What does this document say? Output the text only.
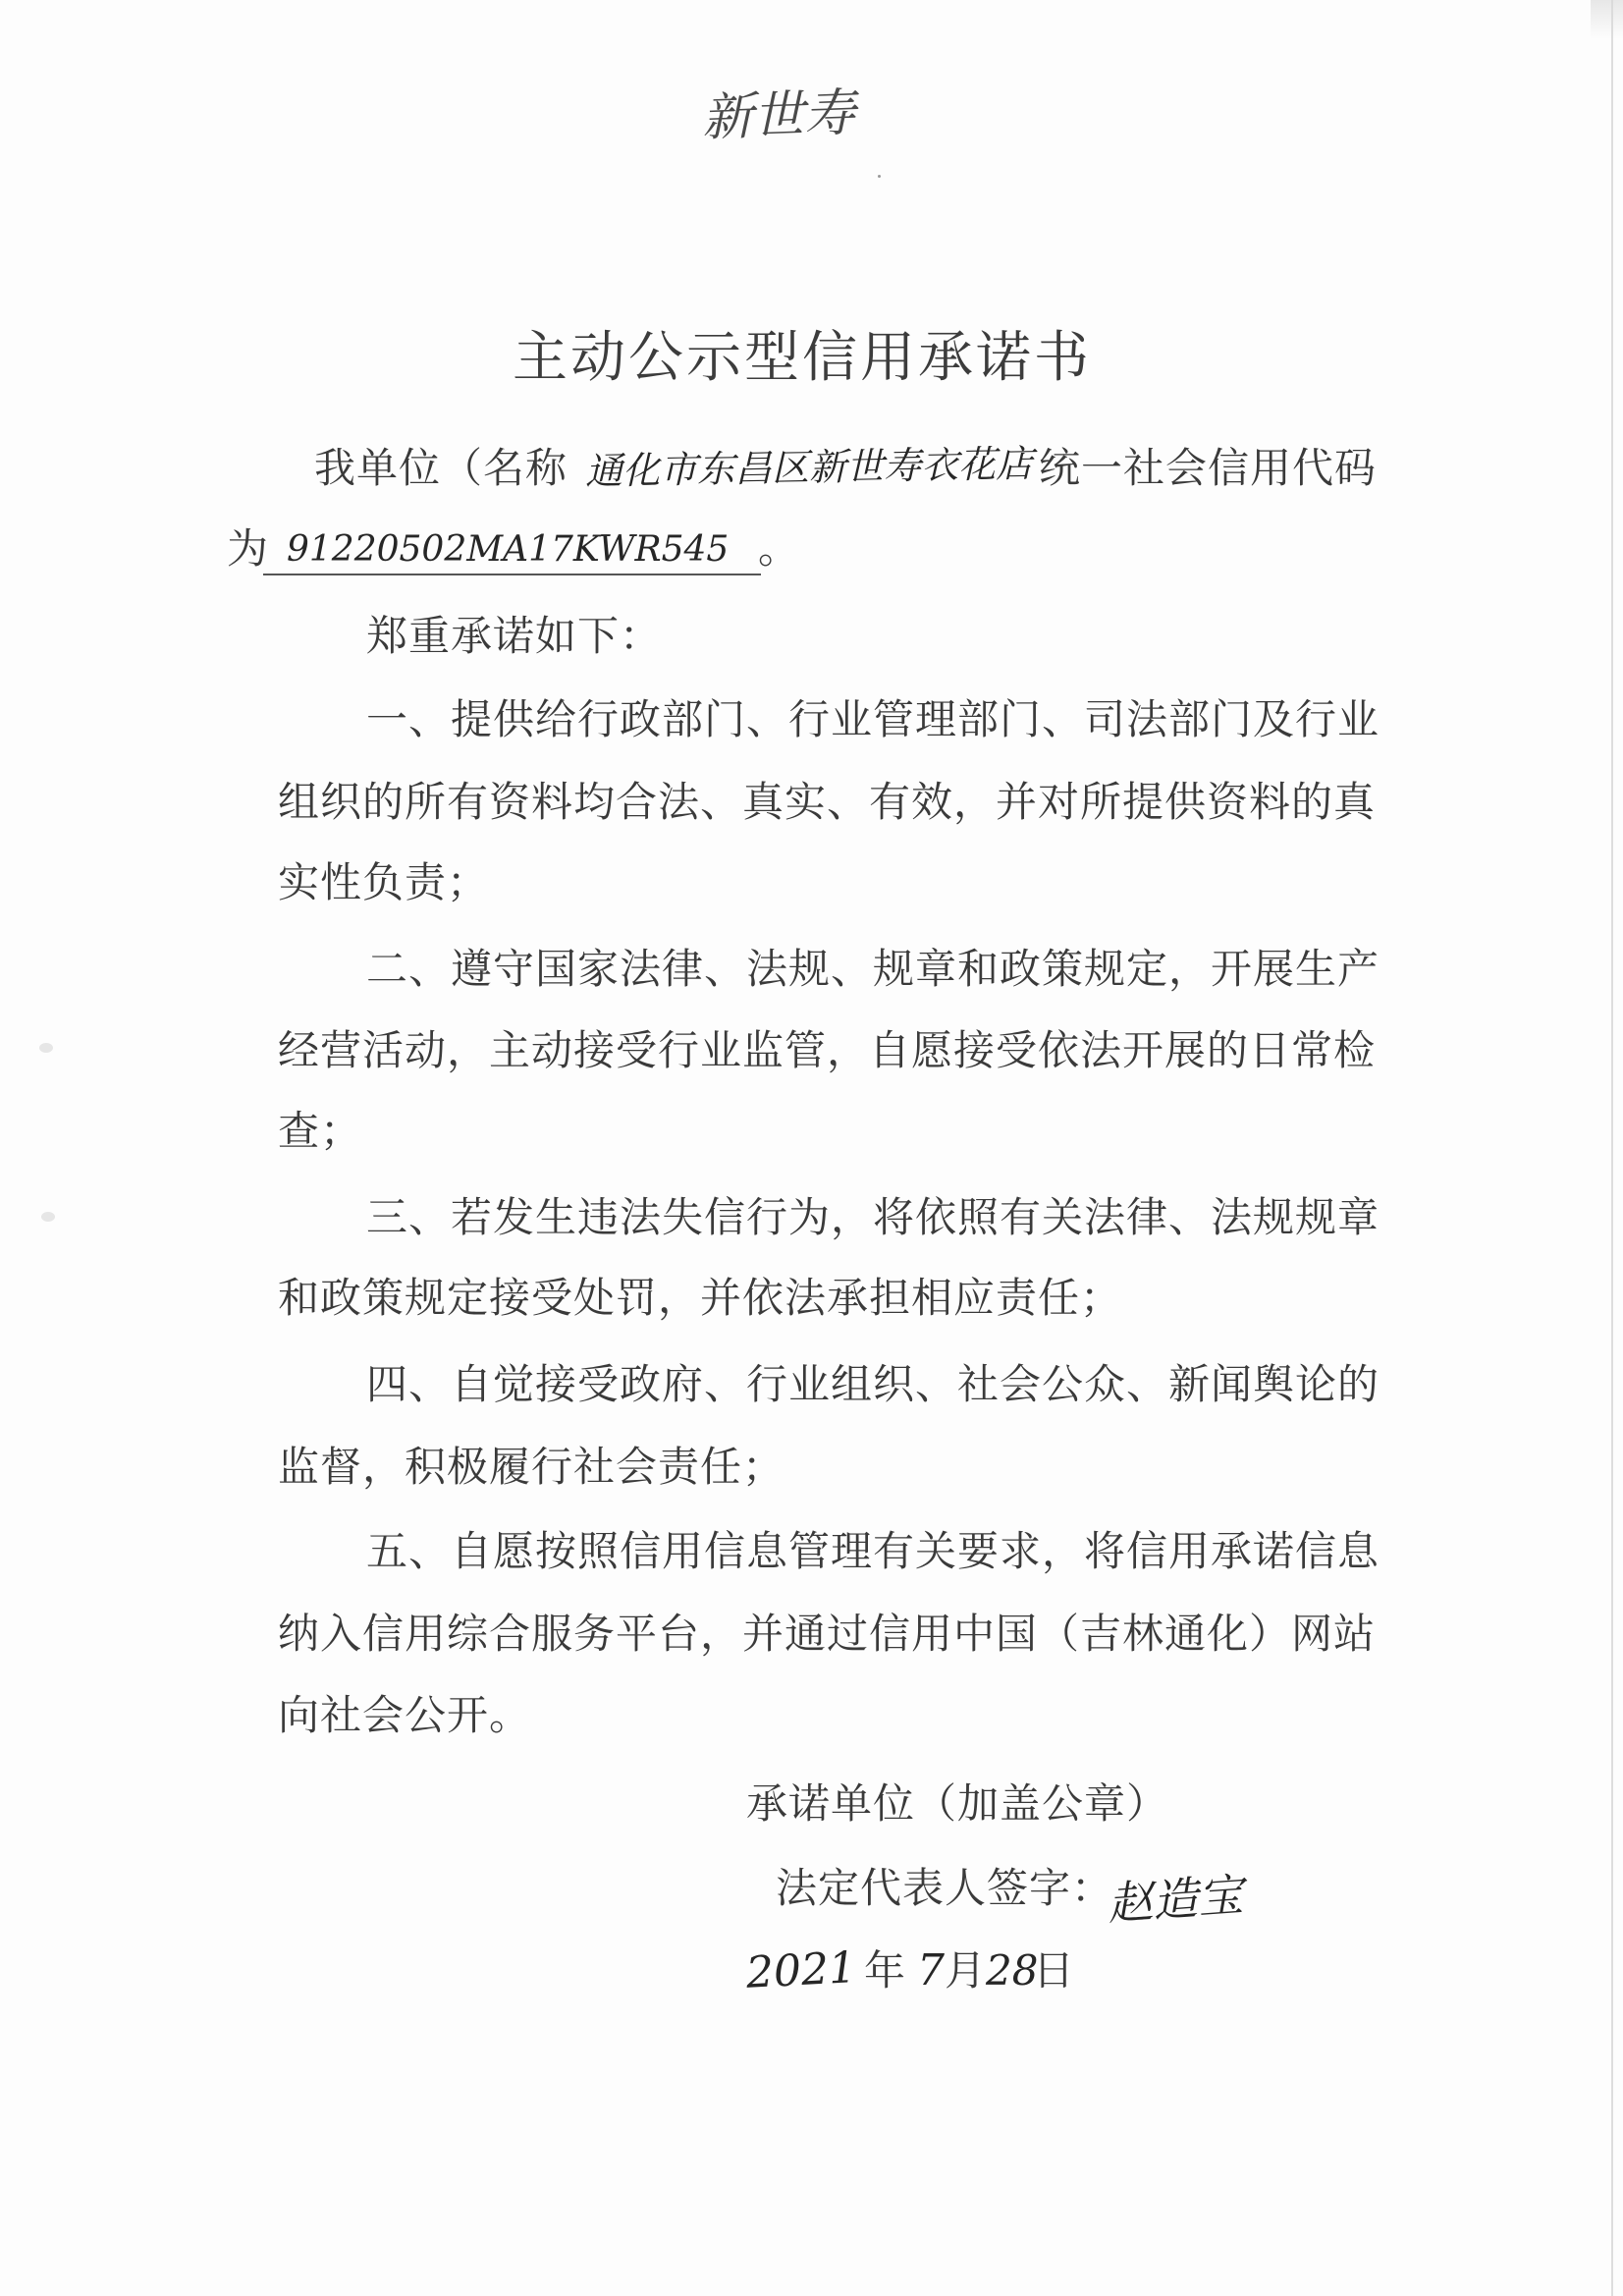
新世寿
主动公示型信用承诺书
我单位（名称 通化市东昌区新世寿衣花店 统一社会信用代码
为 91220502MA17KWR545 。
郑重承诺如下：
一、提供给行政部门、行业管理部门、司法部门及行业
组织的所有资料均合法、真实、有效，并对所提供资料的真
实性负责；
二、遵守国家法律、法规、规章和政策规定，开展生产
经营活动，主动接受行业监管，自愿接受依法开展的日常检
查；
三、若发生违法失信行为，将依照有关法律、法规规章
和政策规定接受处罚，并依法承担相应责任；
四、自觉接受政府、行业组织、社会公众、新闻舆论的
监督，积极履行社会责任；
五、自愿按照信用信息管理有关要求，将信用承诺信息
纳入信用综合服务平台，并通过信用中国（吉林通化）网站
向社会公开。
承诺单位（加盖公章）
法定代表人签字：
赵造宝
2021 年 7 月
28
日
